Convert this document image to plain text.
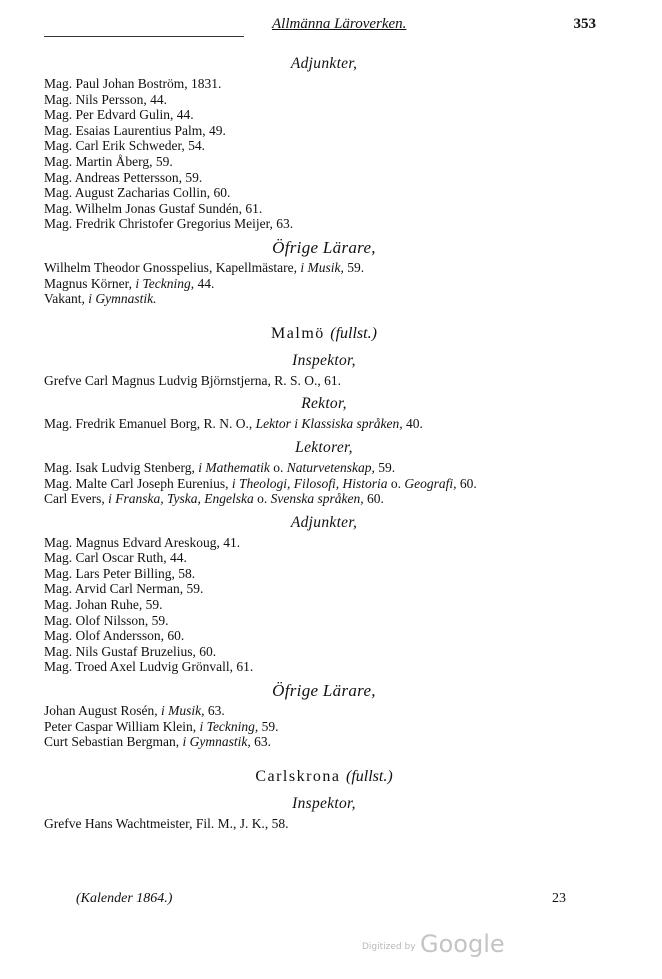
Allmänna Läroverken.	353
Adjunkter,
Mag. Paul Johan Boström, 1831.
Mag. Nils Persson, 44.
Mag. Per Edvard Gulin, 44.
Mag. Esaias Laurentius Palm, 49.
Mag. Carl Erik Schweder, 54.
Mag. Martin Åberg, 59.
Mag. Andreas Pettersson, 59.
Mag. August Zacharias Collin, 60.
Mag. Wilhelm Jonas Gustaf Sundén, 61.
Mag. Fredrik Christofer Gregorius Meijer, 63.
Öfrige Lärare,
Wilhelm Theodor Gnosspelius, Kapellmästare, i Musik, 59.
Magnus Körner, i Teckning, 44.
Vakant, i Gymnastik.
Malmö (fullst.)
Inspektor,
Grefve Carl Magnus Ludvig Björnstjerna, R. S. O., 61.
Rektor,
Mag. Fredrik Emanuel Borg, R. N. O., Lektor i Klassiska språken, 40.
Lektorer,
Mag. Isak Ludvig Stenberg, i Mathematik o. Naturvetenskap, 59.
Mag. Malte Carl Joseph Eurenius, i Theologi, Filosofi, Historia o. Geografi, 60.
Carl Evers, i Franska, Tyska, Engelska o. Svenska språken, 60.
Adjunkter,
Mag. Magnus Edvard Areskoug, 41.
Mag. Carl Oscar Ruth, 44.
Mag. Lars Peter Billing, 58.
Mag. Arvid Carl Nerman, 59.
Mag. Johan Ruhe, 59.
Mag. Olof Nilsson, 59.
Mag. Olof Andersson, 60.
Mag. Nils Gustaf Bruzelius, 60.
Mag. Troed Axel Ludvig Grönvall, 61.
Öfrige Lärare,
Johan August Rosén, i Musik, 63.
Peter Caspar William Klein, i Teckning, 59.
Curt Sebastian Bergman, i Gymnastik, 63.
Carlskrona (fullst.)
Inspektor,
Grefve Hans Wachtmeister, Fil. M., J. K., 58.
(Kalender 1864.)	23
Digitized by Google
